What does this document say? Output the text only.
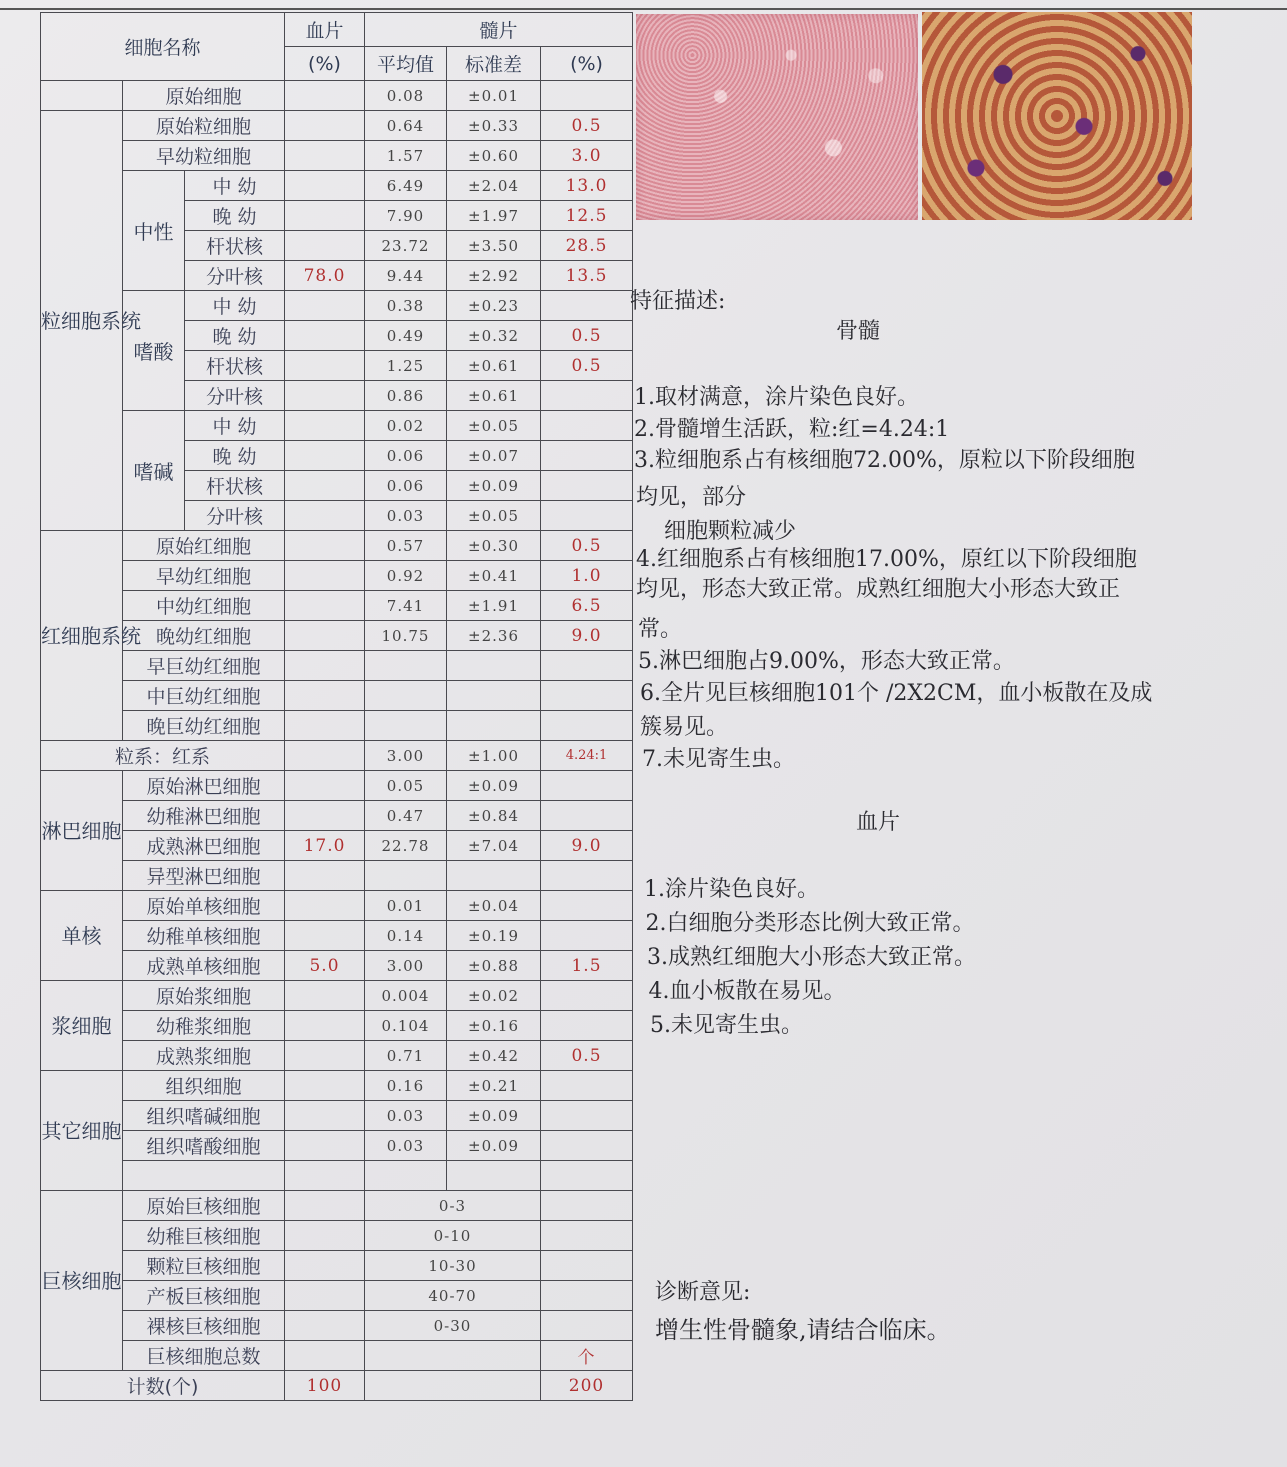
细胞名称			血片	髓片		
			(%)	平均值	标准差	(%)
	原始细胞			0.08	±0.01	
粒细胞系统	原始粒细胞			0.64	±0.33	0.5
	早幼粒细胞			1.57	±0.60	3.0
	中性	中 幼		6.49	±2.04	13.0
		晚 幼		7.90	±1.97	12.5
		杆状核		23.72	±3.50	28.5
		分叶核	78.0	9.44	±2.92	13.5
	嗜酸	中 幼		0.38	±0.23	
		晚 幼		0.49	±0.32	0.5
		杆状核		1.25	±0.61	0.5
		分叶核		0.86	±0.61	
	嗜碱	中 幼		0.02	±0.05	
		晚 幼		0.06	±0.07	
		杆状核		0.06	±0.09	
		分叶核		0.03	±0.05	
红细胞系统	原始红细胞			0.57	±0.30	0.5
	早幼红细胞			0.92	±0.41	1.0
	中幼红细胞			7.41	±1.91	6.5
	晚幼红细胞			10.75	±2.36	9.0
	早巨幼红细胞					
	中巨幼红细胞					
	晚巨幼红细胞					
粒系：红系				3.00	±1.00	4.24:1
淋巴细胞	原始淋巴细胞			0.05	±0.09	
	幼稚淋巴细胞			0.47	±0.84	
	成熟淋巴细胞		17.0	22.78	±7.04	9.0
	异型淋巴细胞					
单核	原始单核细胞			0.01	±0.04	
	幼稚单核细胞			0.14	±0.19	
	成熟单核细胞		5.0	3.00	±0.88	1.5
浆细胞	原始浆细胞			0.004	±0.02	
	幼稚浆细胞			0.104	±0.16	
	成熟浆细胞			0.71	±0.42	0.5
其它细胞	组织细胞			0.16	±0.21	
	组织嗜碱细胞			0.03	±0.09	
	组织嗜酸细胞			0.03	±0.09	

巨核细胞	原始巨核细胞			0-3		
	幼稚巨核细胞			0-10		
	颗粒巨核细胞			10-30		
	产板巨核细胞			40-70		
	裸核巨核细胞			0-30		
	巨核细胞总数					个
计数(个)			100			200
特征描述:
骨髓
1.取材满意，涂片染色良好。
2.骨髓增生活跃，粒:红=4.24:1
3.粒细胞系占有核细胞72.00%，原粒以下阶段细胞
均见，部分
细胞颗粒减少
4.红细胞系占有核细胞17.00%，原红以下阶段细胞
均见，形态大致正常。成熟红细胞大小形态大致正
常。
5.淋巴细胞占9.00%，形态大致正常。
6.全片见巨核细胞101个 /2X2CM，血小板散在及成
簇易见。
7.未见寄生虫。
血片
1.涂片染色良好。
2.白细胞分类形态比例大致正常。
3.成熟红细胞大小形态大致正常。
4.血小板散在易见。
5.未见寄生虫。
诊断意见:
增生性骨髓象,请结合临床。
